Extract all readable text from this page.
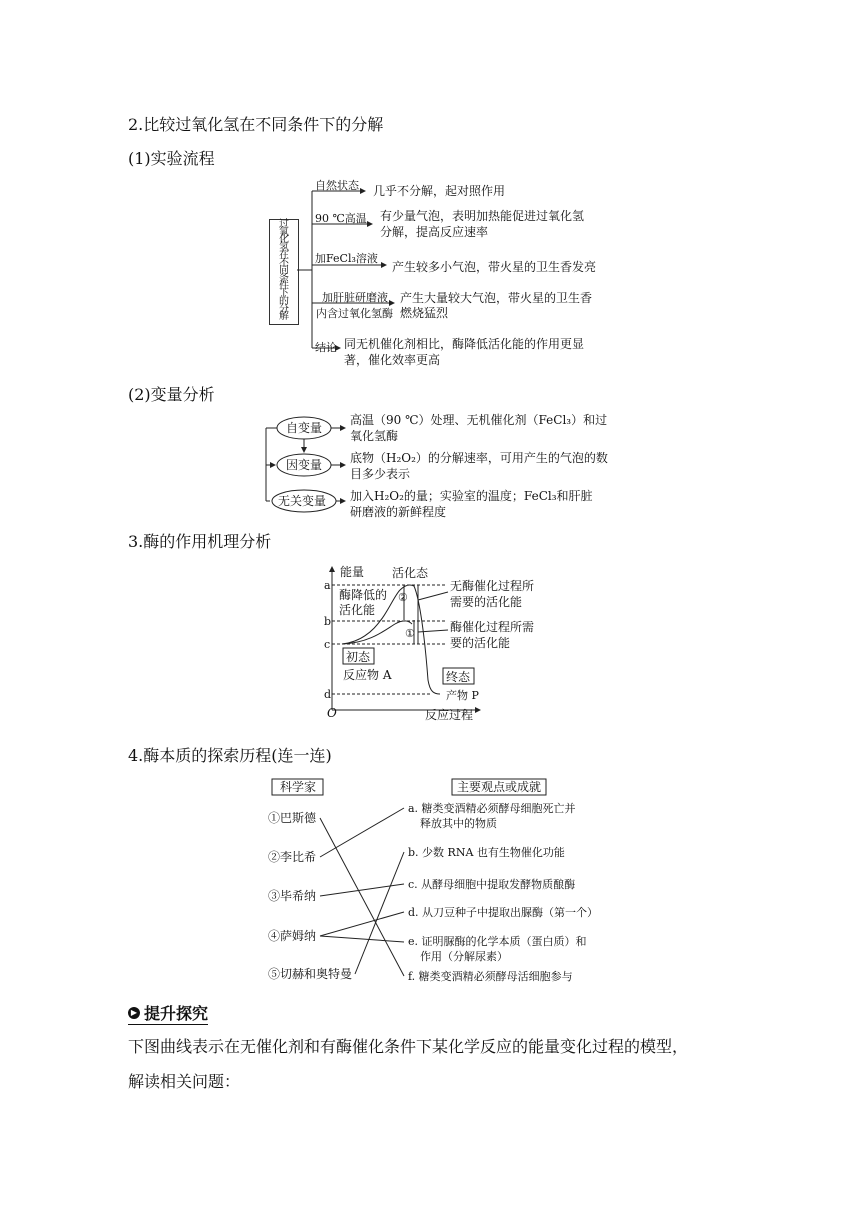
2.比较过氧化氢在不同条件下的分解
(1)实验流程
过
氧
化
氢
在
不
同
条
件
下
的
分
解
自然状态 几乎不分解，起对照作用
90 ℃高温 有少量气泡，表明加热能促进过氧化氢
分解，提高反应速率
加FeCl₃溶液
产生较多小气泡，带火星的卫生香发亮
加肝脏研磨液
内含过氧化氢酶
产生大量较大气泡，带火星的卫生香
燃烧猛烈
结论 同无机催化剂相比，酶降低活化能的作用更显
著，催化效率更高
(2)变量分析
自变量
因变量
无关变量
高温（90 ℃）处理、无机催化剂（FeCl₃）和过
氧化氢酶
底物（H₂O₂）的分解速率，可用产生的气泡的数
目多少表示
加入H₂O₂的量；实验室的温度；FeCl₃和肝脏
研磨液的新鲜程度
3.酶的作用机理分析
能量
反应过程
O
a
b
c
d
活化态
酶降低的
活化能
②
①
无酶催化过程所
需要的活化能
酶催化过程所需
要的活化能
初态
反应物 A	终态
产物 P
4.酶本质的探索历程(连一连)
科学家	主要观点或成就
①巴斯德
②李比希
③毕希纳
④萨姆纳
⑤切赫和奥特曼
a. 糖类变酒精必须酵母细胞死亡并
释放其中的物质
b. 少数 RNA 也有生物催化功能
c. 从酵母细胞中提取发酵物质酿酶
d. 从刀豆种子中提取出脲酶（第一个）
e. 证明脲酶的化学本质（蛋白质）和
作用（分解尿素）
f. 糖类变酒精必须酵母活细胞参与
▶ 提升探究
下图曲线表示在无催化剂和有酶催化条件下某化学反应的能量变化过程的模型，
解读相关问题：
